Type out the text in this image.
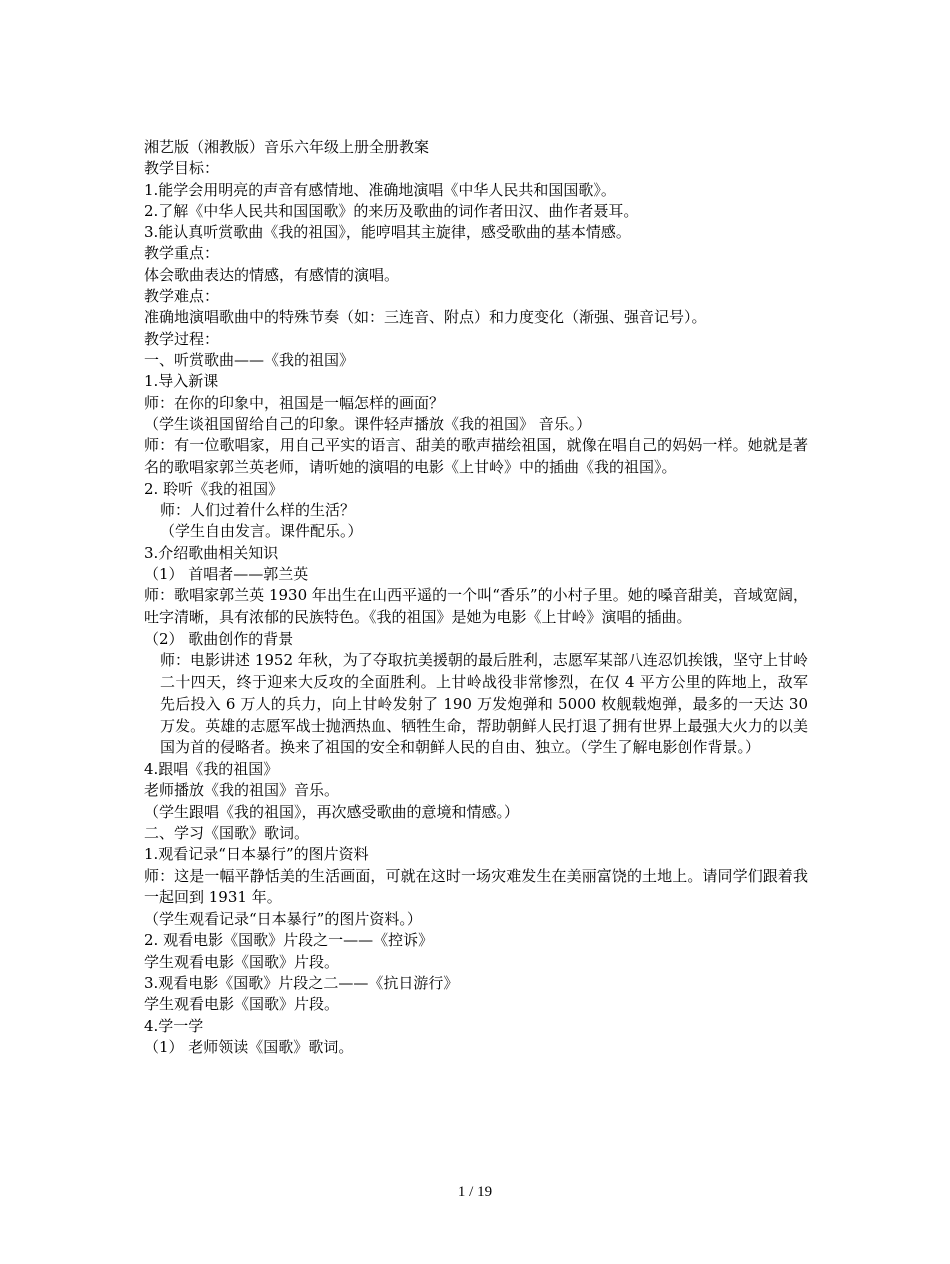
湘艺版（湘教版）音乐六年级上册全册教案
教学目标：
1.能学会用明亮的声音有感情地、准确地演唱《中华人民共和国国歌》。
2.了解《中华人民共和国国歌》的来历及歌曲的词作者田汉、曲作者聂耳。
3.能认真听赏歌曲《我的祖国》，能哼唱其主旋律，感受歌曲的基本情感。
教学重点：
体会歌曲表达的情感，有感情的演唱。
教学难点：
准确地演唱歌曲中的特殊节奏（如：三连音、附点）和力度变化（渐强、强音记号）。
教学过程：
一、听赏歌曲——《我的祖国》
1.导入新课
师：在你的印象中，祖国是一幅怎样的画面？
（学生谈祖国留给自己的印象。课件轻声播放《我的祖国》 音乐。）
师：有一位歌唱家，用自己平实的语言、甜美的歌声描绘祖国，就像在唱自己的妈妈一样。她就是著名的歌唱家郭兰英老师，请听她的演唱的电影《上甘岭》中的插曲《我的祖国》。
2. 聆听《我的祖国》
师：人们过着什么样的生活？
（学生自由发言。课件配乐。）
3.介绍歌曲相关知识
（1） 首唱者——郭兰英
师：歌唱家郭兰英 1930 年出生在山西平遥的一个叫“香乐”的小村子里。她的嗓音甜美，音域宽阔，吐字清晰，具有浓郁的民族特色。《我的祖国》是她为电影《上甘岭》演唱的插曲。
（2） 歌曲创作的背景
师：电影讲述 1952 年秋，为了夺取抗美援朝的最后胜利，志愿军某部八连忍饥挨饿，坚守上甘岭二十四天，终于迎来大反攻的全面胜利。上甘岭战役非常惨烈，在仅 4 平方公里的阵地上，敌军先后投入 6 万人的兵力，向上甘岭发射了 190 万发炮弹和 5000 枚舰载炮弹，最多的一天达 30 万发。英雄的志愿军战士抛洒热血、牺牲生命，帮助朝鲜人民打退了拥有世界上最强大火力的以美国为首的侵略者。换来了祖国的安全和朝鲜人民的自由、独立。（学生了解电影创作背景。）
4.跟唱《我的祖国》
老师播放《我的祖国》音乐。
（学生跟唱《我的祖国》，再次感受歌曲的意境和情感。）
二、学习《国歌》歌词。
1.观看记录“日本暴行”的图片资料
师：这是一幅平静恬美的生活画面，可就在这时一场灾难发生在美丽富饶的土地上。请同学们跟着我一起回到 1931 年。
（学生观看记录“日本暴行”的图片资料。）
2. 观看电影《国歌》片段之一——《控诉》
学生观看电影《国歌》片段。
3.观看电影《国歌》片段之二——《抗日游行》
学生观看电影《国歌》片段。
4.学一学
（1） 老师领读《国歌》歌词。
1 / 19
